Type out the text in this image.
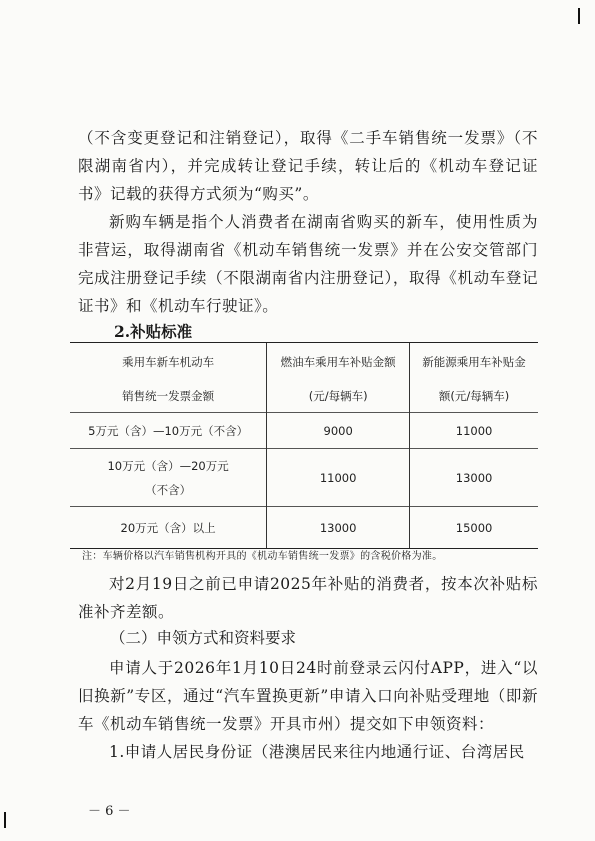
（不含变更登记和注销登记），取得《二手车销售统一发票》（不限湖南省内），并完成转让登记手续，转让后的《机动车登记证书》记载的获得方式须为“购买”。

新购车辆是指个人消费者在湖南省购买的新车，使用性质为非营运，取得湖南省《机动车销售统一发票》并在公安交管部门完成注册登记手续（不限湖南省内注册登记），取得《机动车登记证书》和《机动车行驶证》。

2.补贴标准

乘用车新车机动车	燃油车乘用车补贴金额	新能源乘用车补贴金
销售统一发票金额	(元/每辆车)	额(元/每辆车)
5万元（含）—10万元（不含）	9000	11000

10万元（含）—20万元
（不含）	11000	13000
20万元（含）以上	13000	15000

注：车辆价格以汽车销售机构开具的《机动车销售统一发票》的含税价格为准。

对2月19日之前已申请2025年补贴的消费者，按本次补贴标准补齐差额。

（二）申领方式和资料要求

申请人于2026年1月10日24时前登录云闪付APP，进入“以旧换新”专区，通过“汽车置换更新”申请入口向补贴受理地（即新车《机动车销售统一发票》开具市州）提交如下申领资料：

1.申请人居民身份证（港澳居民来往内地通行证、台湾居民

－ 6 －
